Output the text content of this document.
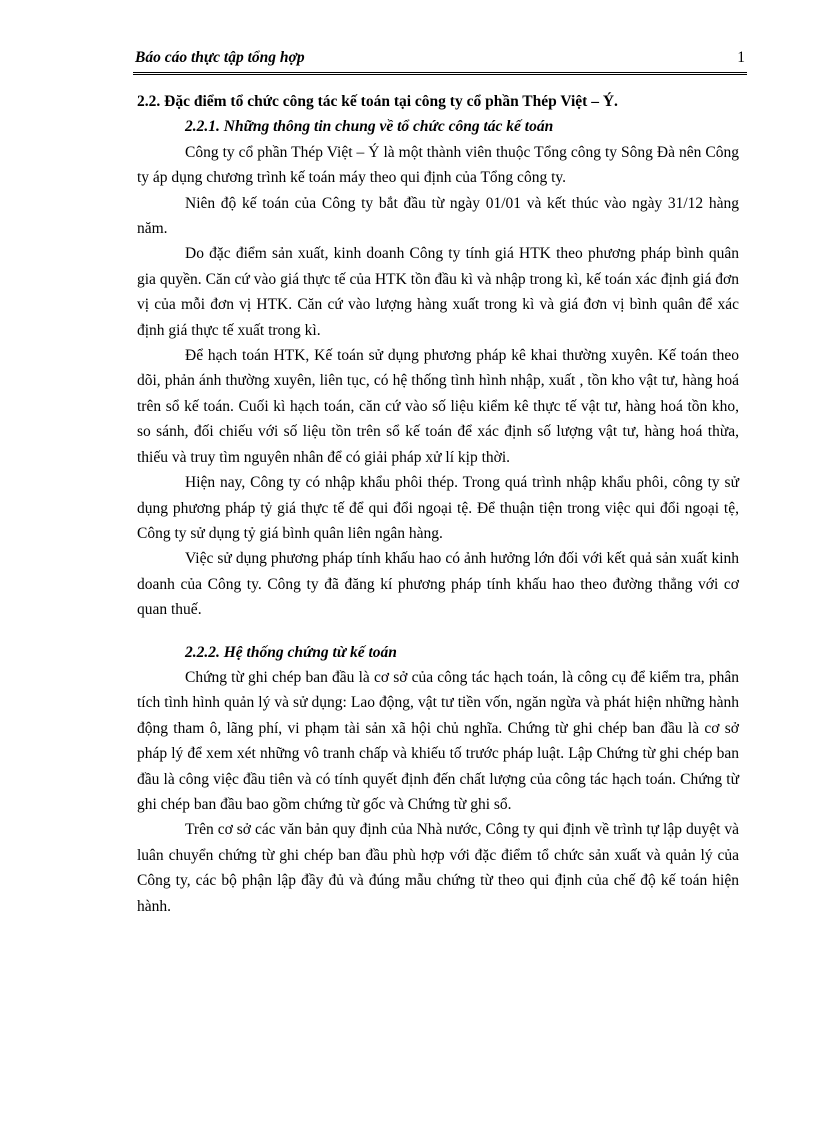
Báo cáo thực tập tổng hợp	1

2.2. Đặc điểm tổ chức công tác kế toán tại công ty cổ phần Thép Việt – Ý.

2.2.1. Những thông tin chung về tổ chức công tác kế toán

Công ty cổ phần Thép Việt – Ý là một thành viên thuộc Tổng công ty Sông Đà nên Công ty áp dụng chương trình kế toán máy theo qui định của Tổng công ty.

Niên độ kế toán của Công ty bắt đầu từ ngày 01/01 và kết thúc vào ngày 31/12 hàng năm.

Do đặc điểm sản xuất, kinh doanh Công ty tính giá HTK theo phương pháp bình quân gia quyền. Căn cứ vào giá thực tế của HTK tồn đầu kì và nhập trong kì, kế toán xác định giá đơn vị của mỗi đơn vị HTK. Căn cứ vào lượng hàng xuất trong kì và giá đơn vị bình quân để xác định giá thực tế xuất trong kì.

Để hạch toán HTK, Kế toán sử dụng phương pháp kê khai thường xuyên. Kế toán theo dõi, phản ánh thường xuyên, liên tục, có hệ thống tình hình nhập, xuất , tồn kho vật tư, hàng hoá trên sổ kế toán. Cuối kì hạch toán, căn cứ vào số liệu kiểm kê thực tế vật tư, hàng hoá tồn kho, so sánh, đối chiếu với số liệu tồn trên sổ kế toán để xác định số lượng vật tư, hàng hoá thừa, thiếu và truy tìm nguyên nhân để có giải pháp xử lí kịp thời.

Hiện nay, Công ty có nhập khẩu phôi thép. Trong quá trình nhập khẩu phôi, công ty sử dụng phương pháp tỷ giá thực tế để qui đổi ngoại tệ. Để thuận tiện trong việc qui đổi ngoại tệ, Công ty sử dụng tỷ giá bình quân liên ngân hàng.

Việc sử dụng phương pháp tính khấu hao có ảnh hưởng lớn đối với kết quả sản xuất kinh doanh của Công ty. Công ty đã đăng kí phương pháp tính khấu hao theo đường thẳng với cơ quan thuế.

2.2.2. Hệ thống chứng từ kế toán

Chứng từ ghi chép ban đầu là cơ sở của công tác hạch toán, là công cụ để kiểm tra, phân tích tình hình quản lý và sử dụng: Lao động, vật tư tiền vốn, ngăn ngừa và phát hiện những hành động tham ô, lãng phí, vi phạm tài sản xã hội chủ nghĩa. Chứng từ ghi chép ban đầu là cơ sở pháp lý để xem xét những vô tranh chấp và khiếu tố trước pháp luật. Lập Chứng từ ghi chép ban đầu là công việc đầu tiên và có tính quyết định đến chất lượng của công tác hạch toán. Chứng từ ghi chép ban đầu bao gồm chứng từ gốc và Chứng từ ghi sổ.

Trên cơ sở các văn bản quy định của Nhà nước, Công ty qui định về trình tự lập duyệt và luân chuyển chứng từ ghi chép ban đầu phù hợp với đặc điểm tổ chức sản xuất và quản lý của Công ty, các bộ phận lập đầy đủ và đúng mẫu chứng từ theo qui định của chế độ kế toán hiện hành.
